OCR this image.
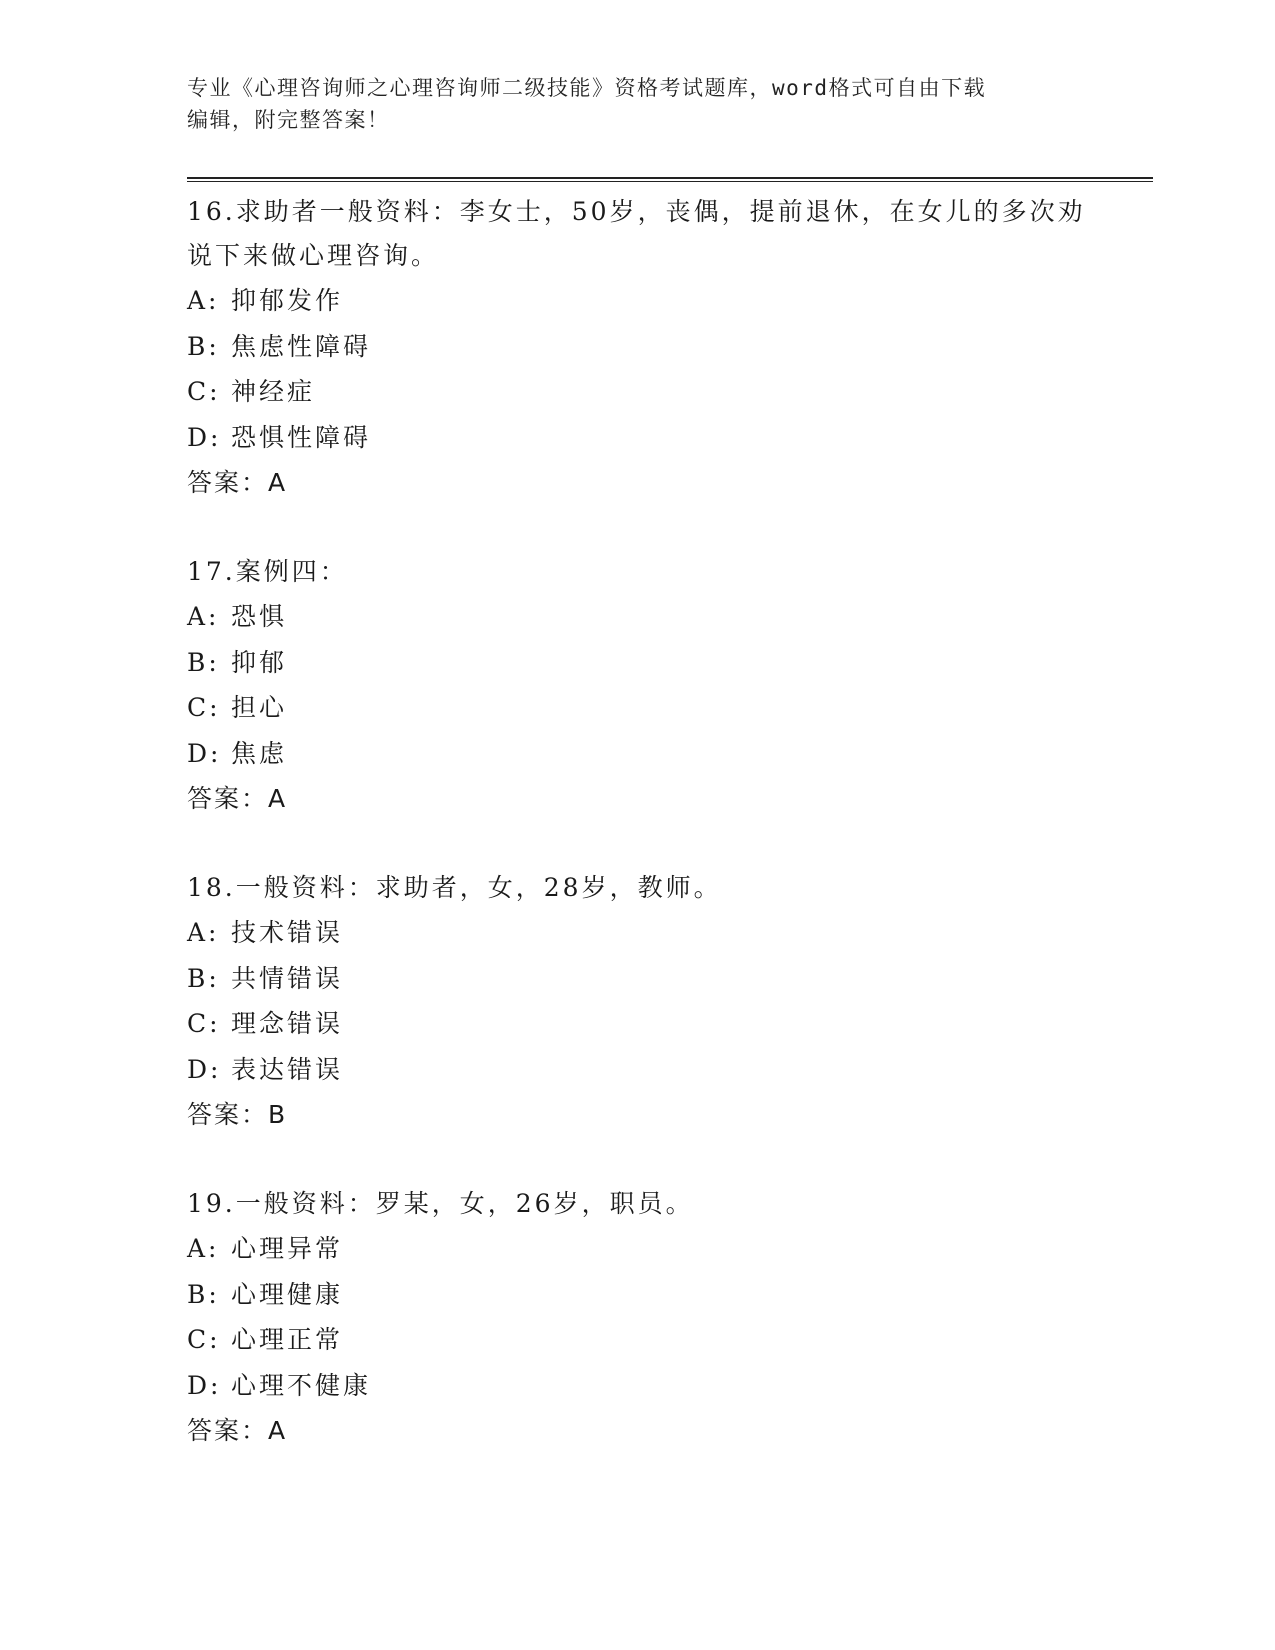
专业《心理咨询师之心理咨询师二级技能》资格考试题库，word格式可自由下载
编辑，附完整答案！

16.求助者一般资料：李女士，50岁，丧偶，提前退休，在女儿的多次劝说下来做心理咨询。

A: 抑郁发作

B: 焦虑性障碍

C: 神经症

D: 恐惧性障碍

答案：A

17.案例四：

A: 恐惧

B: 抑郁

C: 担心

D: 焦虑

答案：A

18.一般资料：求助者，女，28岁，教师。

A: 技术错误

B: 共情错误

C: 理念错误

D: 表达错误

答案：B

19.一般资料：罗某，女，26岁，职员。

A: 心理异常

B: 心理健康

C: 心理正常

D: 心理不健康

答案：A
